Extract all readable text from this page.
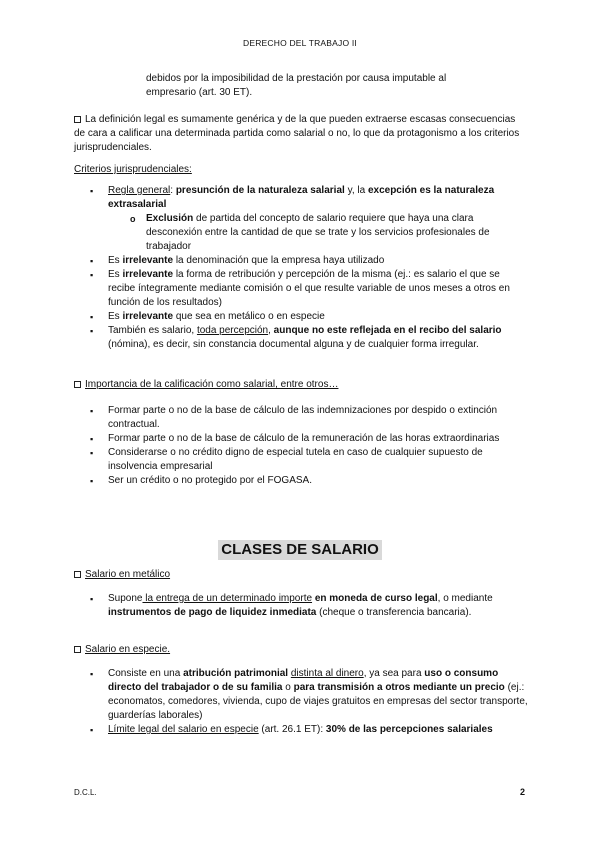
DERECHO DEL TRABAJO II
debidos por la imposibilidad de la prestación por causa imputable al
empresario (art. 30 ET).
La definición legal es sumamente genérica y de la que pueden extraerse escasas consecuencias de cara a calificar una determinada partida como salarial o no, lo que da protagonismo a los criterios jurisprudenciales.
Criterios jurisprudenciales:
▪ Regla general: presunción de la naturaleza salarial y, la excepción es la naturaleza extrasalarial
o Exclusión de partida del concepto de salario requiere que haya una clara desconexión entre la cantidad de que se trate y los servicios profesionales de trabajador
▪ Es irrelevante la denominación que la empresa haya utilizado
▪ Es irrelevante la forma de retribución y percepción de la misma (ej.: es salario el que se recibe íntegramente mediante comisión o el que resulte variable de unos meses a otros en función de los resultados)
▪ Es irrelevante que sea en metálico o en especie
▪ También es salario, toda percepción, aunque no este reflejada en el recibo del salario (nómina), es decir, sin constancia documental alguna y de cualquier forma irregular.
Importancia de la calificación como salarial, entre otros…
▪ Formar parte o no de la base de cálculo de las indemnizaciones por despido o extinción contractual.
▪ Formar parte o no de la base de cálculo de la remuneración de las horas extraordinarias
▪ Considerarse o no crédito digno de especial tutela en caso de cualquier supuesto de insolvencia empresarial
▪ Ser un crédito o no protegido por el FOGASA.
CLASES DE SALARIO
Salario en metálico
▪ Supone la entrega de un determinado importe en moneda de curso legal, o mediante instrumentos de pago de liquidez inmediata (cheque o transferencia bancaria).
Salario en especie.
▪ Consiste en una atribución patrimonial distinta al dinero, ya sea para uso o consumo directo del trabajador o de su familia o para transmisión a otros mediante un precio (ej.: economatos, comedores, vivienda, cupo de viajes gratuitos en empresas del sector transporte, guarderías laborales)
▪ Límite legal del salario en especie (art. 26.1 ET): 30% de las percepciones salariales
D.C.L.	2
